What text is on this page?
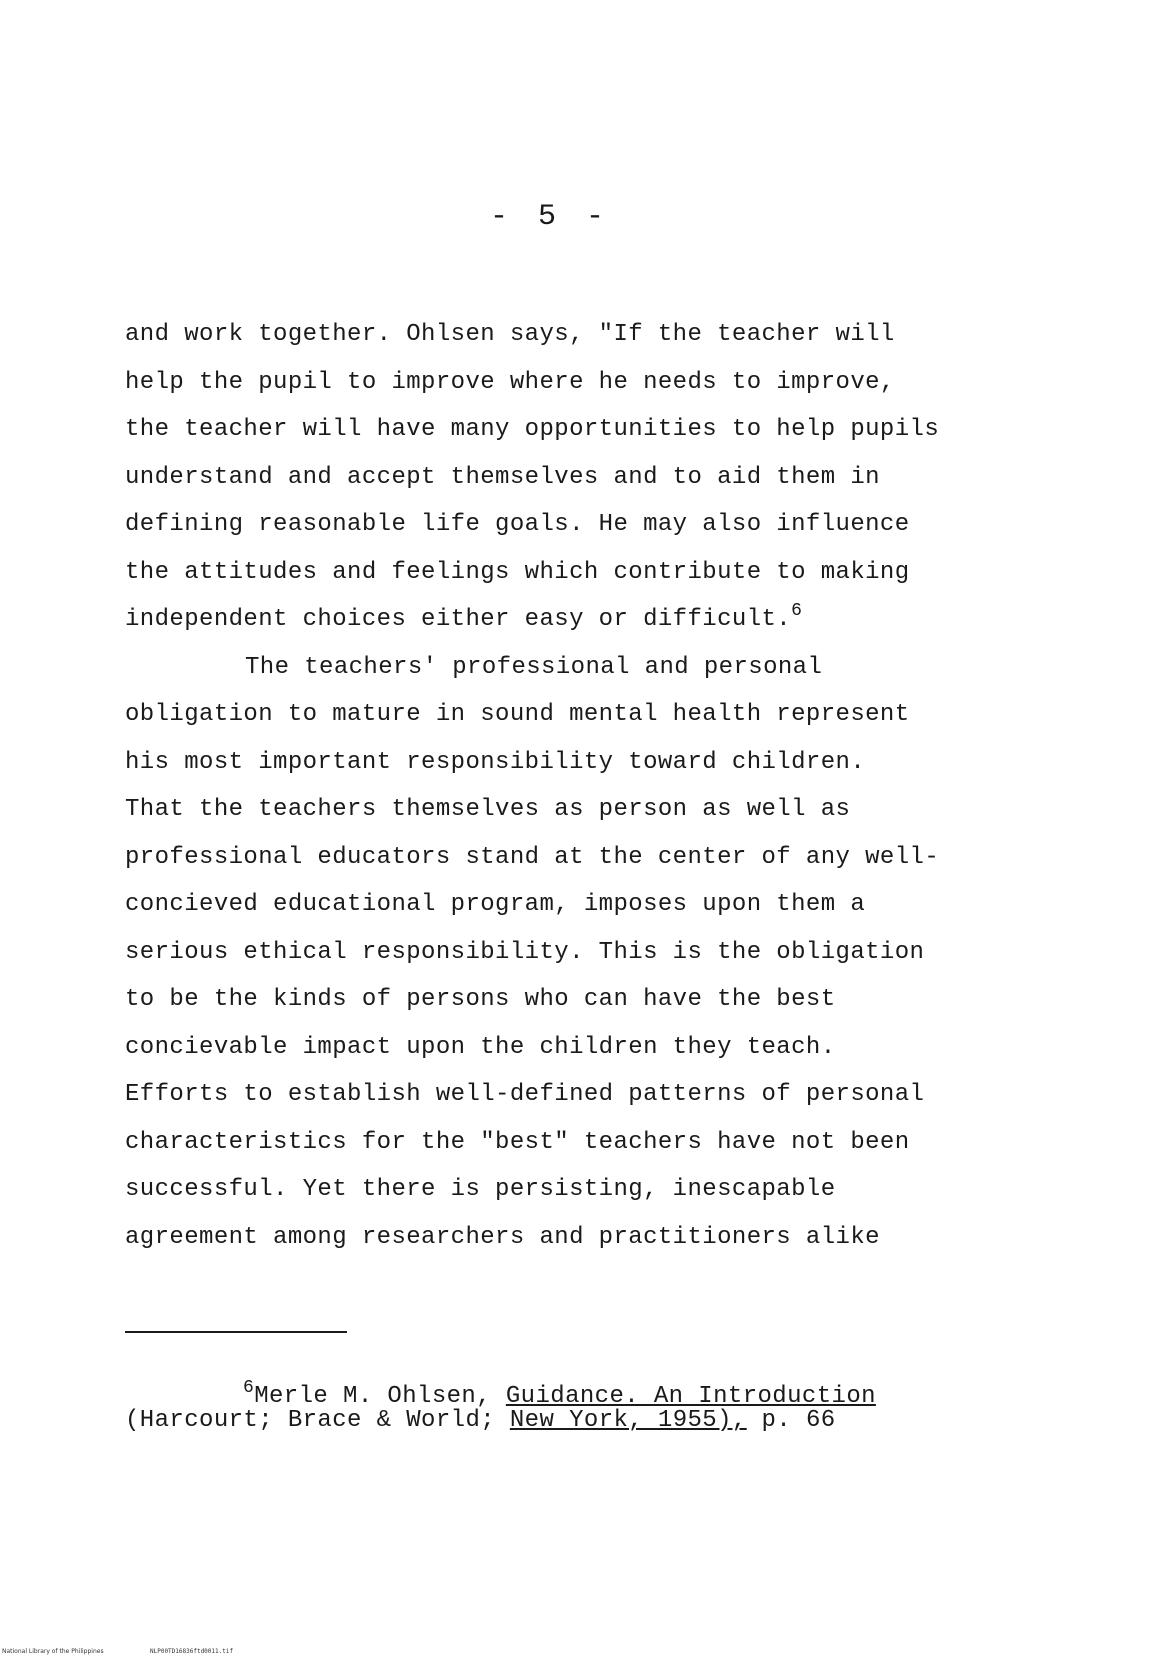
- 5 -
and work together. Ohlsen says, "If the teacher will
help the pupil to improve where he needs to improve,
the teacher will have many opportunities to help pupils
understand and accept themselves and to aid them in
defining reasonable life goals. He may also influence
the attitudes and feelings which contribute to making
independent choices either easy or difficult.$^6$
The teachers' professional and personal
obligation to mature in sound mental health represent
his most important responsibility toward children.
That the teachers themselves as person as well as
professional educators stand at the center of any well-
concieved educational program, imposes upon them a
serious ethical responsibility. This is the obligation
to be the kinds of persons who can have the best
concievable impact upon the children they teach.
Efforts to establish well-defined patterns of personal
characteristics for the "best" teachers have not been
successful. Yet there is persisting, inescapable
agreement among researchers and practitioners alike
$^6$Merle M. Ohlsen, Guidance. An Introduction
(Harcourt; Brace & World; New York, 1955), p. 66
National Library of the Philippines	NLP00TD16836ftd0011.tif
